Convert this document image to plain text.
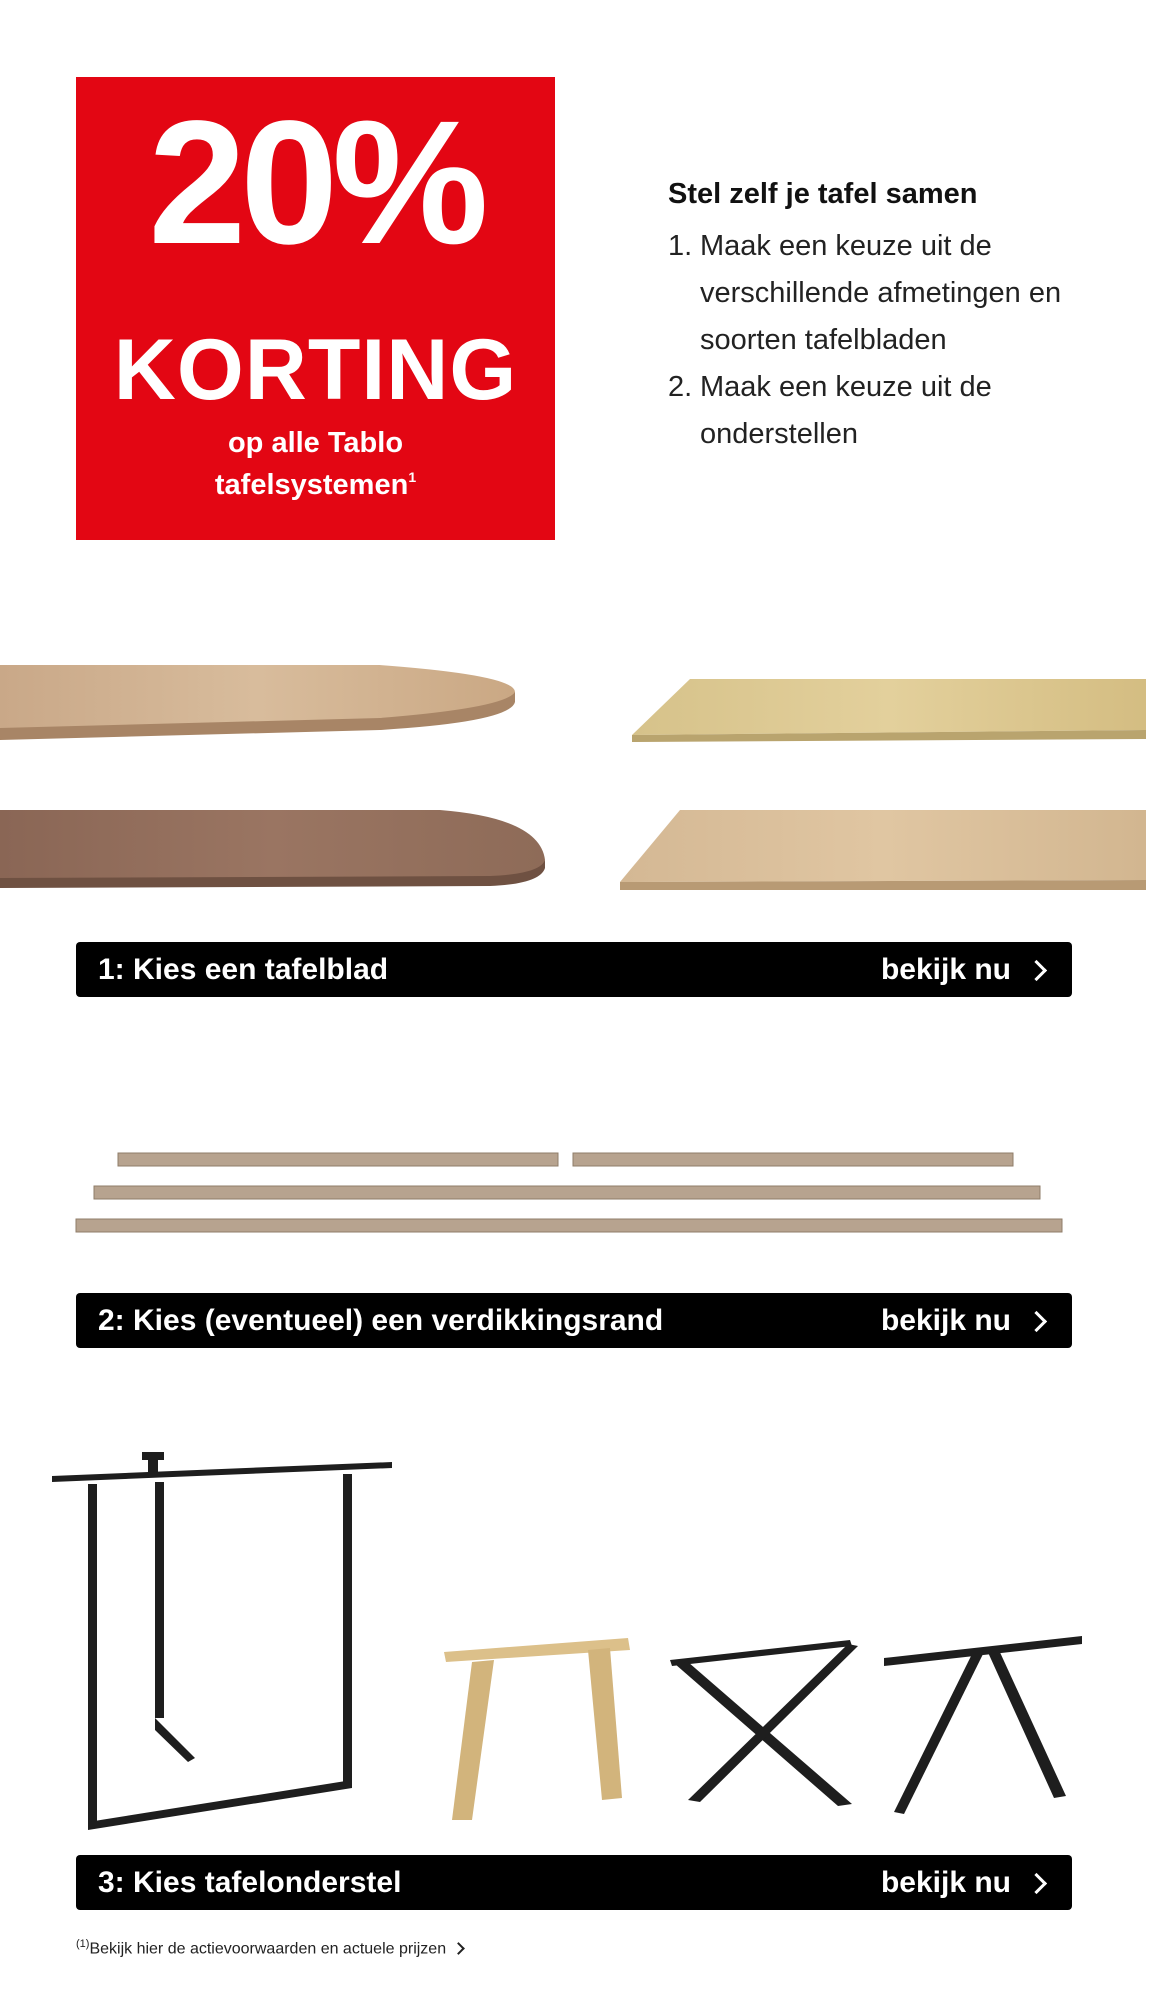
20%
KORTING
op alle Tablo
tafelsystemen$^1$
Stel zelf je tafel samen
1. Maak een keuze uit de verschillende afmetingen en soorten tafelbladen
2. Maak een keuze uit de onderstellen
1: Kies een tafelblad	bekijk nu
2: Kies (eventueel) een verdikkingsrand	bekijk nu
3: Kies tafelonderstel	bekijk nu
$^{(1)}$Bekijk hier de actievoorwaarden en actuele prijzen
